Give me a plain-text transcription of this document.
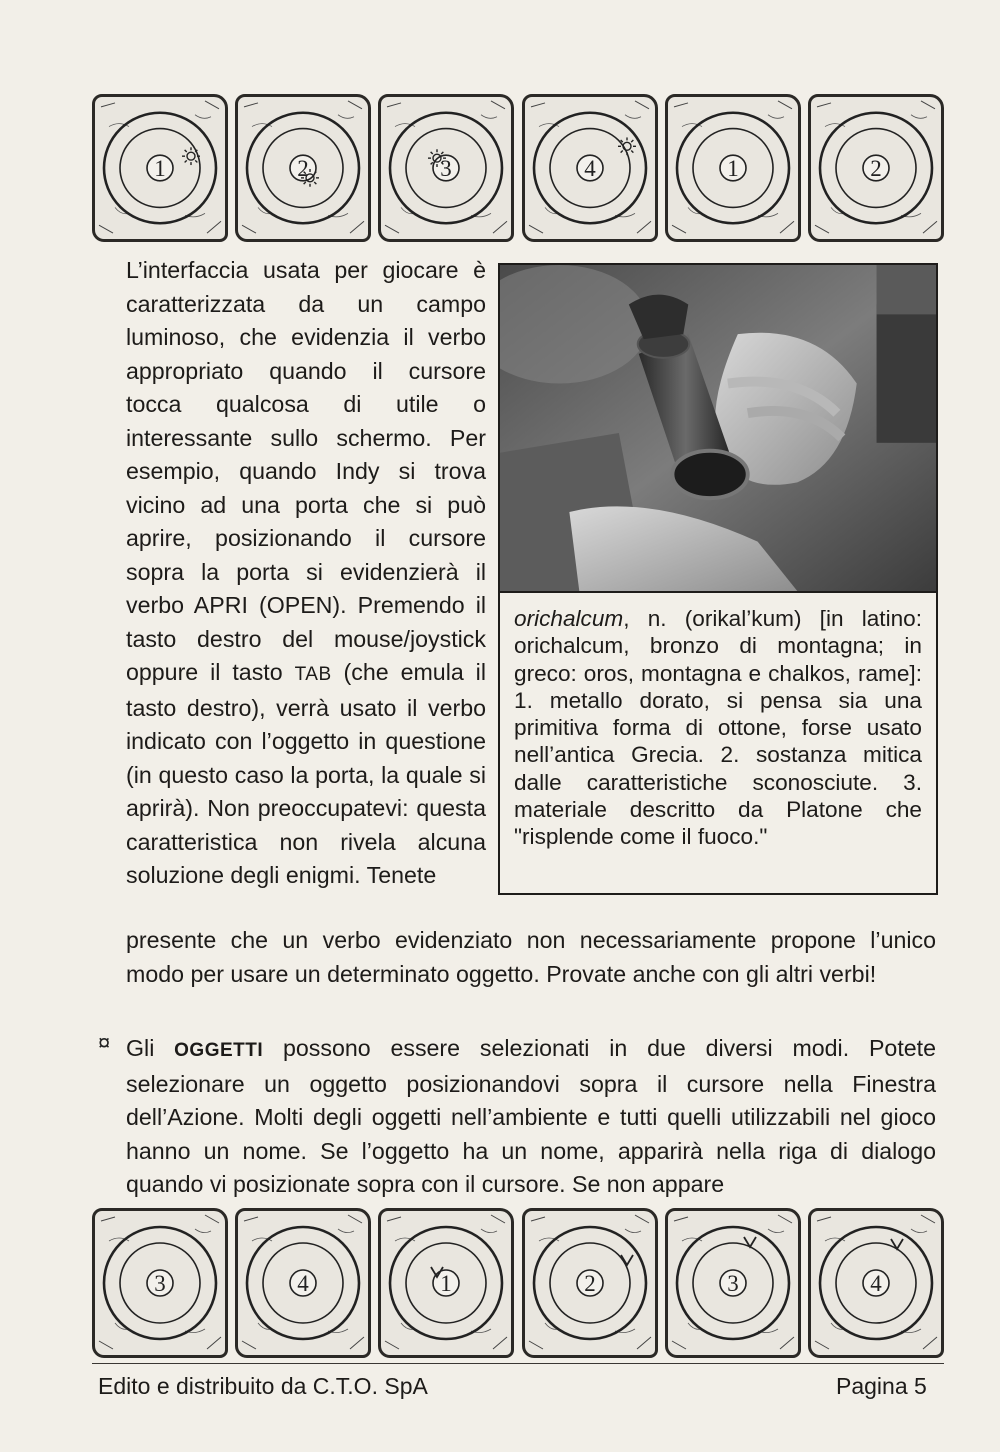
1	2	3	4	1	2

L’interfaccia usata per giocare è caratterizzata da un campo luminoso, che evidenzia il verbo appropriato quando il cursore tocca qualcosa di utile o interessante sullo schermo. Per esempio, quando Indy si trova vicino ad una porta che si può aprire, posizionando il cursore sopra la porta si evidenzierà il verbo APRI (OPEN). Premendo il tasto destro del mouse/joystick oppure il tasto TAB (che emula il tasto destro), verrà usato il verbo indicato con l’oggetto in questione (in questo caso la porta, la quale si aprirà). Non preoccupatevi: questa caratteristica non rivela alcuna soluzione degli enigmi. Tenete

orichalcum, n. (orikal’kum) [in latino: orichalcum, bronzo di montagna; in greco: oros, montagna e chalkos, rame]: 1. metallo dorato, si pensa sia una primitiva forma di ottone, forse usato nell’antica Grecia. 2. sostanza mitica dalle caratteristiche sconosciute. 3. materiale descritto da Platone che "risplende come il fuoco."

presente che un verbo evidenziato non necessariamente propone l’unico modo per usare un determinato oggetto. Provate anche con gli altri verbi!

¤ Gli OGGETTI possono essere selezionati in due diversi modi. Potete selezionare un oggetto posizionandovi sopra il cursore nella Finestra dell’Azione. Molti degli oggetti nell’ambiente e tutti quelli utilizzabili nel gioco hanno un nome. Se l’oggetto ha un nome, apparirà nella riga di dialogo quando vi posizionate sopra con il cursore. Se non appare

3	4	1	2	3	4
Edito e distribuito da C.T.O. SpA	Pagina 5
